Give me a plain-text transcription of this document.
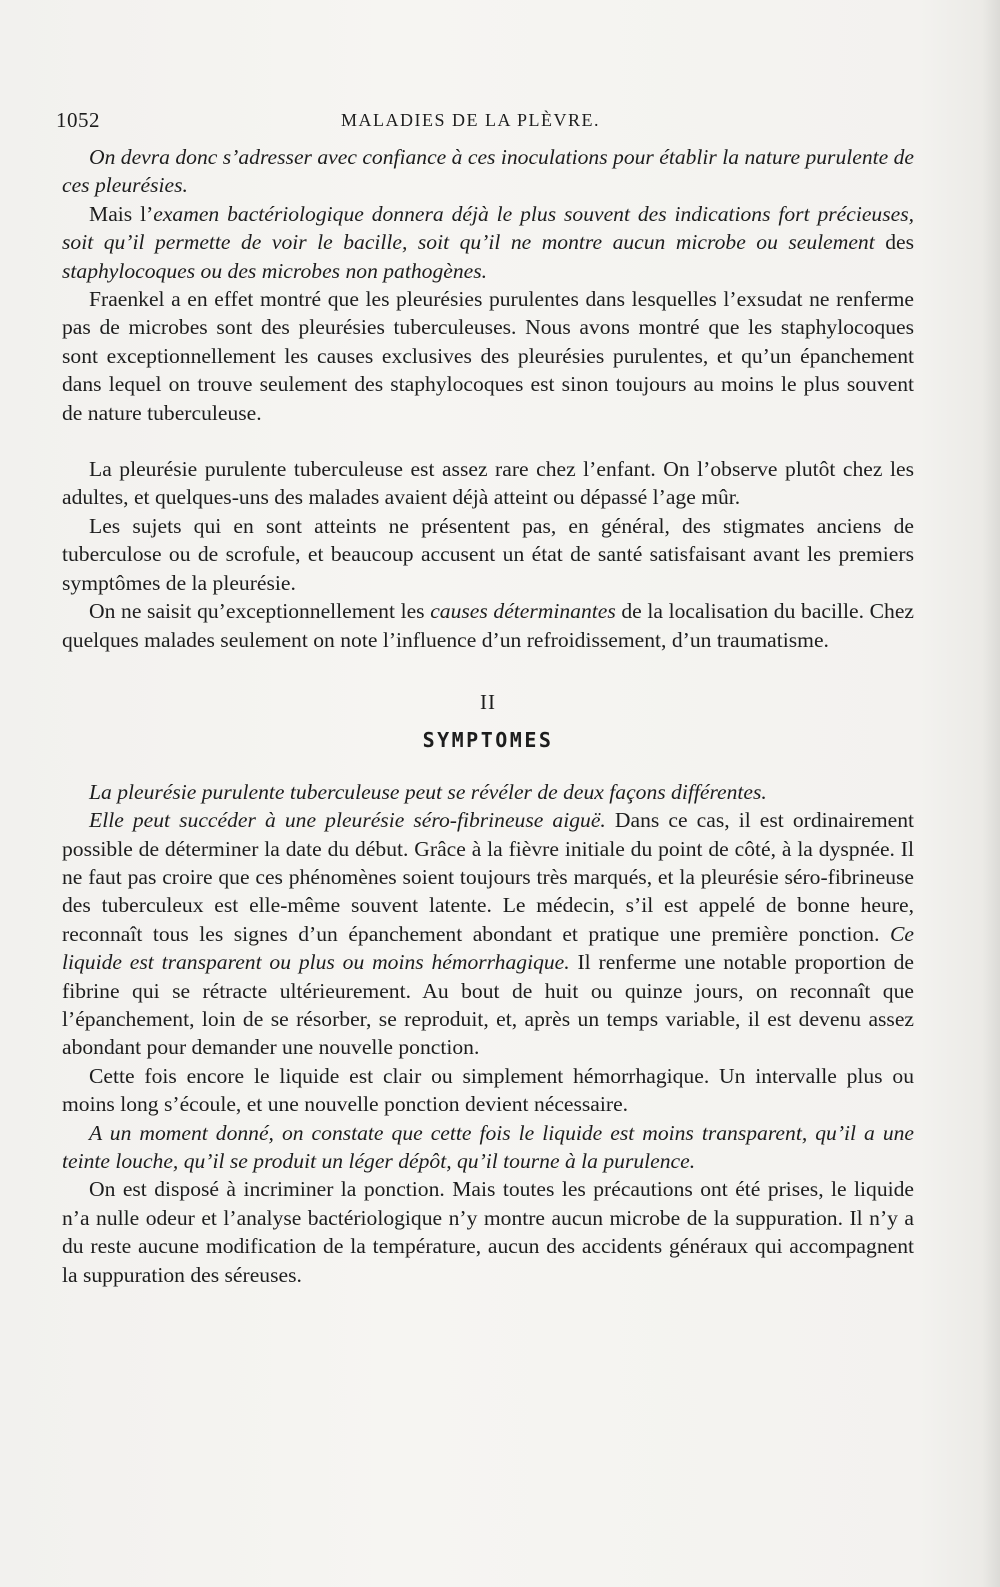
1052	MALADIES DE LA PLÈVRE.

On devra donc s’adresser avec confiance à ces inoculations pour établir la nature purulente de ces pleurésies.

Mais l’examen bactériologique donnera déjà le plus souvent des indications fort précieuses, soit qu’il permette de voir le bacille, soit qu’il ne montre aucun microbe ou seulement des staphylocoques ou des microbes non pathogènes.

Fraenkel a en effet montré que les pleurésies purulentes dans lesquelles l’exsudat ne renferme pas de microbes sont des pleurésies tuberculeuses. Nous avons montré que les staphylocoques sont exceptionnellement les causes exclusives des pleurésies purulentes, et qu’un épanchement dans lequel on trouve seulement des staphylocoques est sinon toujours au moins le plus souvent de nature tuberculeuse.

La pleurésie purulente tuberculeuse est assez rare chez l’enfant. On l’observe plutôt chez les adultes, et quelques-uns des malades avaient déjà atteint ou dépassé l’age mûr.

Les sujets qui en sont atteints ne présentent pas, en général, des stigmates anciens de tuberculose ou de scrofule, et beaucoup accusent un état de santé satisfaisant avant les premiers symptômes de la pleurésie.

On ne saisit qu’exceptionnellement les causes déterminantes de la localisation du bacille. Chez quelques malades seulement on note l’influence d’un refroidissement, d’un traumatisme.

II
SYMPTOMES

La pleurésie purulente tuberculeuse peut se révéler de deux façons différentes.

Elle peut succéder à une pleurésie séro-fibrineuse aiguë. Dans ce cas, il est ordinairement possible de déterminer la date du début. Grâce à la fièvre initiale du point de côté, à la dyspnée. Il ne faut pas croire que ces phénomènes soient toujours très marqués, et la pleurésie séro-fibrineuse des tuberculeux est elle-même souvent latente. Le médecin, s’il est appelé de bonne heure, reconnaît tous les signes d’un épanchement abondant et pratique une première ponction. Ce liquide est transparent ou plus ou moins hémorrhagique. Il renferme une notable proportion de fibrine qui se rétracte ultérieurement. Au bout de huit ou quinze jours, on reconnaît que l’épanchement, loin de se résorber, se reproduit, et, après un temps variable, il est devenu assez abondant pour demander une nouvelle ponction.

Cette fois encore le liquide est clair ou simplement hémorrhagique. Un intervalle plus ou moins long s’écoule, et une nouvelle ponction devient nécessaire.

A un moment donné, on constate que cette fois le liquide est moins transparent, qu’il a une teinte louche, qu’il se produit un léger dépôt, qu’il tourne à la purulence.

On est disposé à incriminer la ponction. Mais toutes les précautions ont été prises, le liquide n’a nulle odeur et l’analyse bactériologique n’y montre aucun microbe de la suppuration. Il n’y a du reste aucune modification de la température, aucun des accidents généraux qui accompagnent la suppuration des séreuses.
